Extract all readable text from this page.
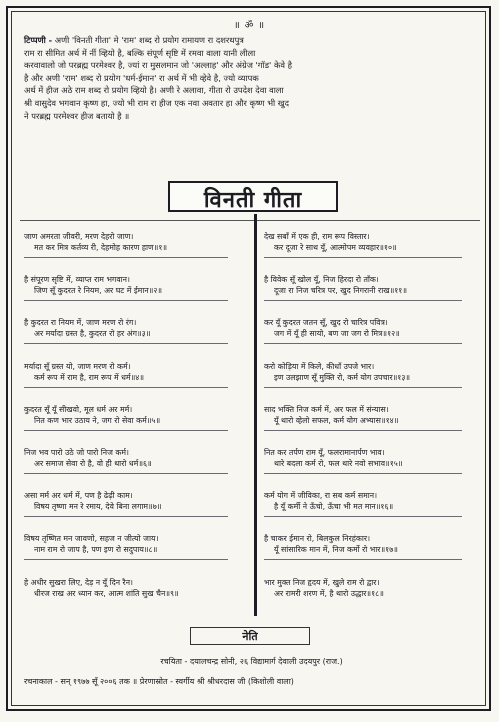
॥ ॐ ॥
टिप्पणी - अणी 'विनती गीता' मे 'राम' शब्द रो प्रयोग रामायण रा दशरथपुत्र
राम रा सीमित अर्थ में नीं व्हियो है, बल्कि संपूर्ण सृष्टि में रमवा वाला यानी लीला
करवावालो जो परब्रह्म परमेश्वर है, ज्यां रा मुसलमान जो 'अल्लाह' और अंग्रेज 'गॉड' केवे है
है और अणी 'राम' शब्द रो प्रयोग 'धर्म-ईमान' रा अर्थ में भी व्हेवे है, ज्यो व्यापक
अर्थ में हीज अठे राम शब्द रो प्रयोग व्हियो है। अणी रे अलावा, गीता रो उपदेश देवा वाला
श्री वासुदेव भगवान कृष्ण हा, ज्यो भी राम रा हीज एक नवा अवतार हा और कृष्ण भी खुद
ने परब्रह्म परमेश्वर हीज बतायो है ॥
विनती गीता
जाण अमरता जीवरी, मरण देहरो जाण।
मत कर मित्र कर्तव्य री, देहमोह कारण हाण॥१॥
है संपूरण सृष्टि में, व्याप्त राम भगवान।
जिण सूँ कुदरत रे नियम, अर घट में ईमान॥२॥
है कुदरत रा नियम में, जाण मरण रो रंग।
अर मर्यादा ग्रस्त है, कुदरत रो हर अंग॥३॥
मर्यादा सूँ ग्रस्त यो, जाण मरण रो कर्म।
कर्म रूप में राम है, राम रूप में धर्म॥४॥
कुदरत सूँ यूँ सीखवो, मूल धर्म अर मर्म।
नित कण भार उठाय ने, जग रो सेवा कर्म॥५॥
निज भव पारो उठे जो पारो निज कर्म।
अर समाज सेवा रो है, वो ही थारो धर्म॥६॥
असा मर्म अर धर्म में, पण है ढेढ़ी काम।
विषय तृष्णा मन रे रमाय, देवे बिना लगाम॥७॥
विषय तृष्णित मन जावणो, सहज न जीत्यो जाय।
नाम राम रो जाप है, पण इण रो सदुपाय॥८॥
हे अधीर सुखरा लिए, देड़ न यूँ दिन रैन।
धीरज राख अर ध्यान कर, आत्म शांति सुख चैन॥९॥
देख सबाँ में एक ही, राम रूप विस्तार।
कर दूजा रे साथ यूँ, आत्मोपम व्यवहार॥१०॥
है विवेक सूँ खोल यूँ, निज हिरदा रो ताँक।
दूजा रा निज चरित्र पर, खुद निगरानी राख॥११॥
कर यूँ कुदरत जतन सूँ, खुद रो चारित्र पवित्र।
जग में यूँ ही सायो, बण जा जग रो मित्र॥१२॥
करो कोड़िया में किले, कीधाँ उपजे भार।
इण उलझाण सूँ मुक्ति रो, कर्म योग उपचार॥१३॥
साद भक्ति निज कर्म में, अर फल में संन्यास।
यूँ थारो व्हेलो सफल, कर्म योग अभ्यास॥१४॥
नित कर तर्पण राम यूँ, फलरामानार्पण भाव।
थारे बदला कर्म रो, फल थारे नवो सभाव॥१५॥
कर्म योग में जीविका, रा सब कर्म समान।
है यूँ कर्मी ने ऊँचो, ऊँचा भी मत मान॥१६॥
है चाकर ईमान रो, बिलकुल निरहंकार।
यूँ सांसारिक मान में, निज कर्मो रो भार॥१७॥
भार मुक्त निज हृदय में, खुले राम रो द्वार।
अर रामरी शरण में, है थारो उद्धार॥१८॥
नेति
रचयिता - दयालचन्द्र सोनी, २६ विद्यामार्ग देवाली उदयपुर (राज.)
रचनाकाल - सन् १९७७ सूँ २००६ तक ॥ प्रेरणास्रोत - स्वर्गीय श्री श्रीधरदास जी (किशोली वाला)
